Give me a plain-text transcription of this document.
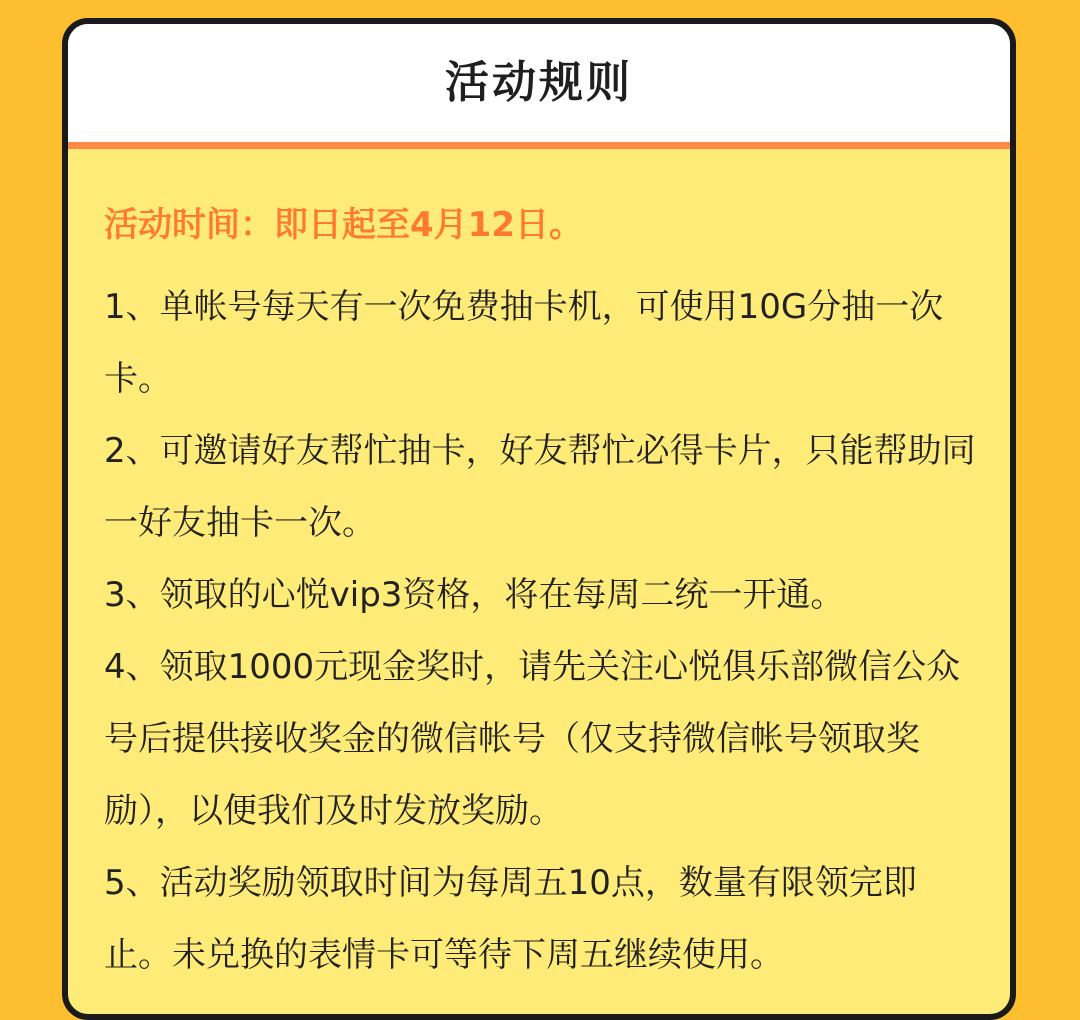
活动规则
活动时间：即日起至4月12日。
1、单帐号每天有一次免费抽卡机，可使用10G分抽一次卡。
2、可邀请好友帮忙抽卡，好友帮忙必得卡片，只能帮助同一好友抽卡一次。
3、领取的心悦vip3资格，将在每周二统一开通。
4、领取1000元现金奖时，请先关注心悦俱乐部微信公众号后提供接收奖金的微信帐号（仅支持微信帐号领取奖励），以便我们及时发放奖励。
5、活动奖励领取时间为每周五10点，数量有限领完即止。未兑换的表情卡可等待下周五继续使用。
